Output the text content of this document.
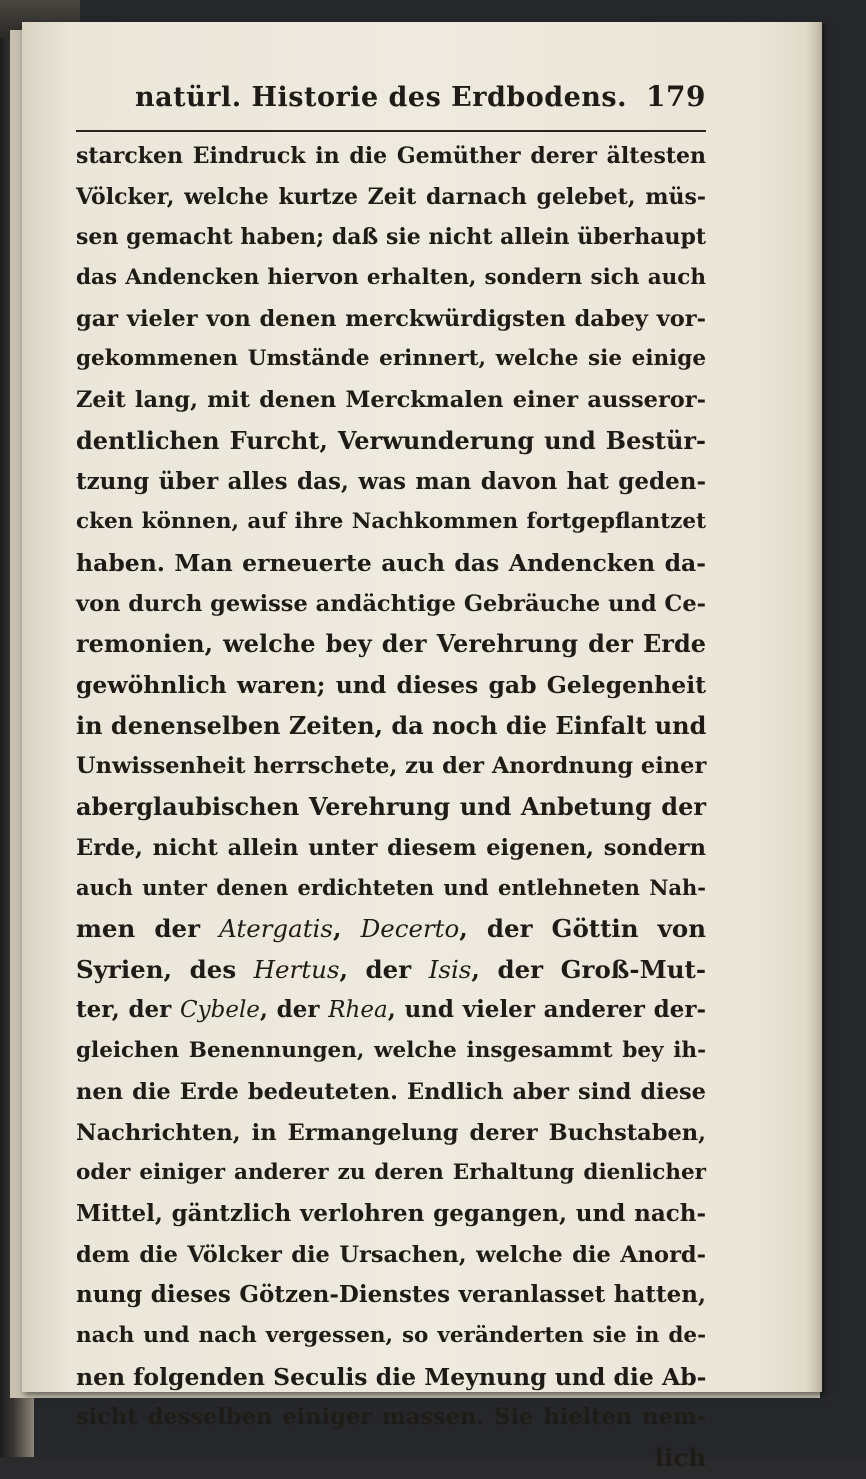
natürl. Historie des Erdbodens. 179
starcken Eindruck in die Gemüther derer ältesten
Völcker, welche kurtze Zeit darnach gelebet, müs-
sen gemacht haben; daß sie nicht allein überhaupt
das Andencken hiervon erhalten, sondern sich auch
gar vieler von denen merckwürdigsten dabey vor-
gekommenen Umstände erinnert, welche sie einige
Zeit lang, mit denen Merckmalen einer ausseror-
dentlichen Furcht, Verwunderung und Bestür-
tzung über alles das, was man davon hat geden-
cken können, auf ihre Nachkommen fortgepflantzet
haben. Man erneuerte auch das Andencken da-
von durch gewisse andächtige Gebräuche und Ce-
remonien, welche bey der Verehrung der Erde
gewöhnlich waren; und dieses gab Gelegenheit
in denenselben Zeiten, da noch die Einfalt und
Unwissenheit herrschete, zu der Anordnung einer
aberglaubischen Verehrung und Anbetung der
Erde, nicht allein unter diesem eigenen, sondern
auch unter denen erdichteten und entlehneten Nah-
men der Atergatis, Decerto, der Göttin von
Syrien, des Hertus, der Isis, der Groß-Mut-
ter, der Cybele, der Rhea, und vieler anderer der-
gleichen Benennungen, welche insgesammt bey ih-
nen die Erde bedeuteten. Endlich aber sind diese
Nachrichten, in Ermangelung derer Buchstaben,
oder einiger anderer zu deren Erhaltung dienlicher
Mittel, gäntzlich verlohren gegangen, und nach-
dem die Völcker die Ursachen, welche die Anord-
nung dieses Götzen-Dienstes veranlasset hatten,
nach und nach vergessen, so veränderten sie in de-
nen folgenden Seculis die Meynung und die Ab-
sicht desselben einiger massen. Sie hielten nem-
lich
